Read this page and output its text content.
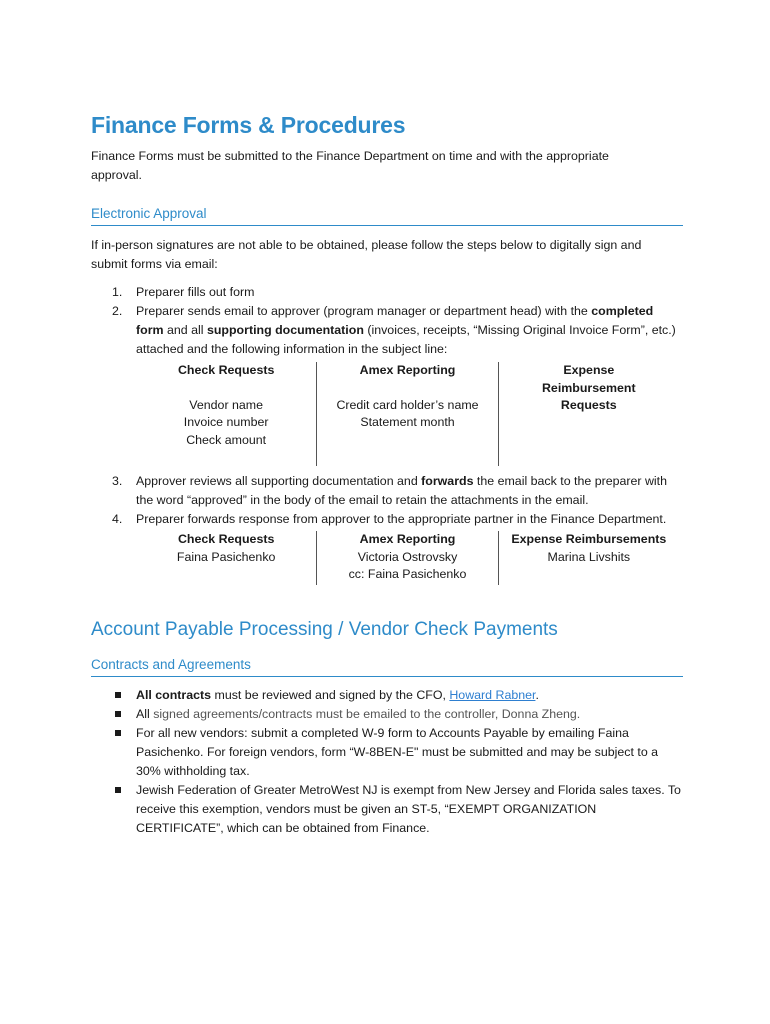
Finance Forms & Procedures

Finance Forms must be submitted to the Finance Department on time and with the appropriate approval.

Electronic Approval

If in-person signatures are not able to be obtained, please follow the steps below to digitally sign and submit forms via email:

1. Preparer fills out form
2. Preparer sends email to approver (program manager or department head) with the completed form and all supporting documentation (invoices, receipts, “Missing Original Invoice Form”, etc.) attached and the following information in the subject line:
Check Requests
Vendor name
Invoice number
Check amount
Amex Reporting
Credit card holder’s name
Statement month
Expense Reimbursement Requests
3. Approver reviews all supporting documentation and forwards the email back to the preparer with the word “approved” in the body of the email to retain the attachments in the email.
4. Preparer forwards response from approver to the appropriate partner in the Finance Department.
Check Requests
Faina Pasichenko
Amex Reporting
Victoria Ostrovsky
cc: Faina Pasichenko
Expense Reimbursements
Marina Livshits
Account Payable Processing / Vendor Check Payments
Contracts and Agreements
All contracts must be reviewed and signed by the CFO, Howard Rabner.
All signed agreements/contracts must be emailed to the controller, Donna Zheng.
For all new vendors: submit a completed W-9 form to Accounts Payable by emailing Faina Pasichenko. For foreign vendors, form “W-8BEN-E" must be submitted and may be subject to a 30% withholding tax.
Jewish Federation of Greater MetroWest NJ is exempt from New Jersey and Florida sales taxes. To receive this exemption, vendors must be given an ST-5, “EXEMPT ORGANIZATION CERTIFICATE”, which can be obtained from Finance.
